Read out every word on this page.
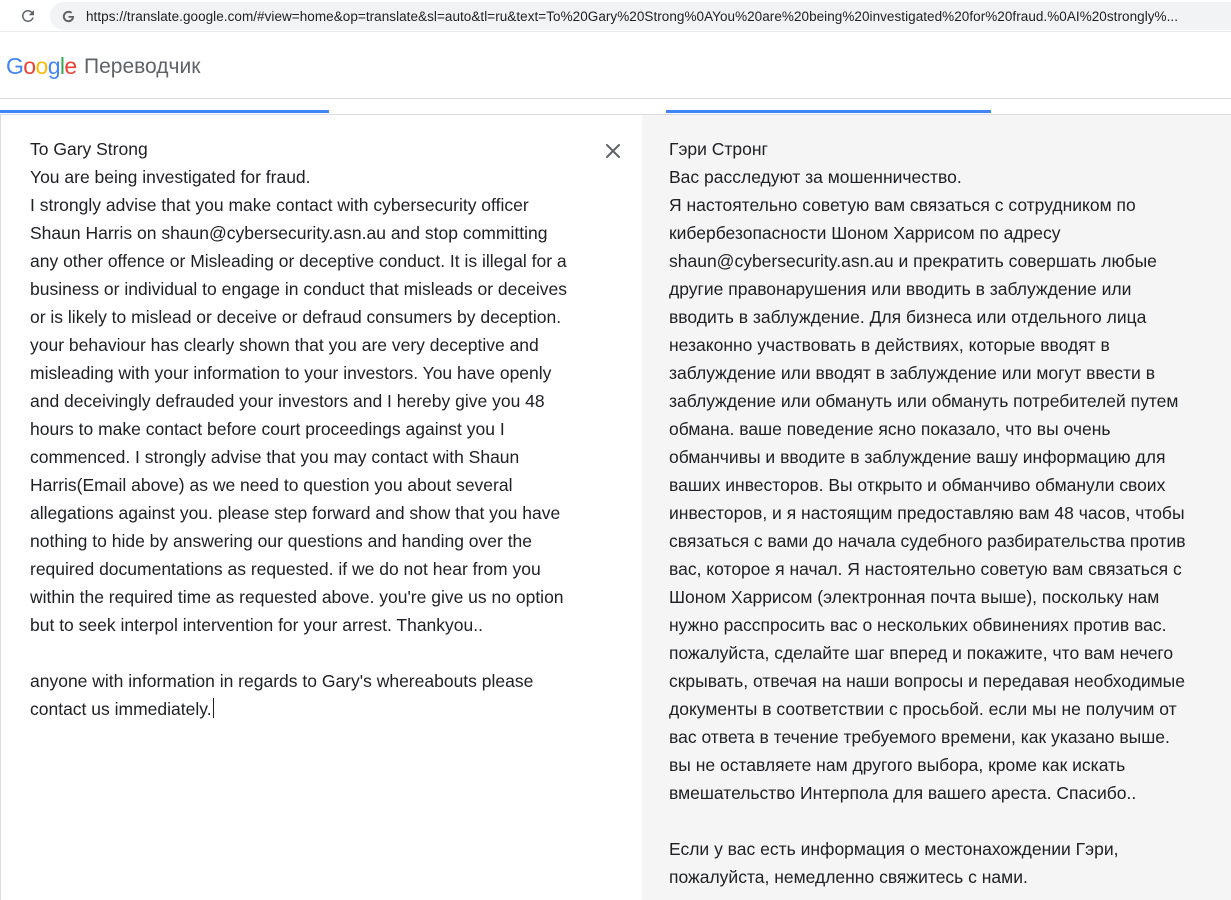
https://translate.google.com/#view=home&op=translate&sl=auto&tl=ru&text=To%20Gary%20Strong%0AYou%20are%20being%20investigated%20for%20fraud.%0AI%20strongly%...
Google Переводчик
To Gary Strong
You are being investigated for fraud.
I strongly advise that you make contact with cybersecurity officer
Shaun Harris on shaun@cybersecurity.asn.au and stop committing
any other offence or Misleading or deceptive conduct. It is illegal for a
business or individual to engage in conduct that misleads or deceives
or is likely to mislead or deceive or defraud consumers by deception.
your behaviour has clearly shown that you are very deceptive and
misleading with your information to your investors. You have openly
and deceivingly defrauded your investors and I hereby give you 48
hours to make contact before court proceedings against you I
commenced. I strongly advise that you may contact with Shaun
Harris(Email above) as we need to question you about several
allegations against you. please step forward and show that you have
nothing to hide by answering our questions and handing over the
required documentations as requested. if we do not hear from you
within the required time as requested above. you're give us no option
but to seek interpol intervention for your arrest. Thankyou..

anyone with information in regards to Gary's whereabouts please
contact us immediately.
Гэри Стронг
Вас расследуют за мошенничество.
Я настоятельно советую вам связаться с сотрудником по
кибербезопасности Шоном Харрисом по адресу
shaun@cybersecurity.asn.au и прекратить совершать любые
другие правонарушения или вводить в заблуждение или
вводить в заблуждение. Для бизнеса или отдельного лица
незаконно участвовать в действиях, которые вводят в
заблуждение или вводят в заблуждение или могут ввести в
заблуждение или обмануть или обмануть потребителей путем
обмана. ваше поведение ясно показало, что вы очень
обманчивы и вводите в заблуждение вашу информацию для
ваших инвесторов. Вы открыто и обманчиво обманули своих
инвесторов, и я настоящим предоставляю вам 48 часов, чтобы
связаться с вами до начала судебного разбирательства против
вас, которое я начал. Я настоятельно советую вам связаться с
Шоном Харрисом (электронная почта выше), поскольку нам
нужно расспросить вас о нескольких обвинениях против вас.
пожалуйста, сделайте шаг вперед и покажите, что вам нечего
скрывать, отвечая на наши вопросы и передавая необходимые
документы в соответствии с просьбой. если мы не получим от
вас ответа в течение требуемого времени, как указано выше.
вы не оставляете нам другого выбора, кроме как искать
вмешательство Интерпола для вашего ареста. Спасибо..

Если у вас есть информация о местонахождении Гэри,
пожалуйста, немедленно свяжитесь с нами.
